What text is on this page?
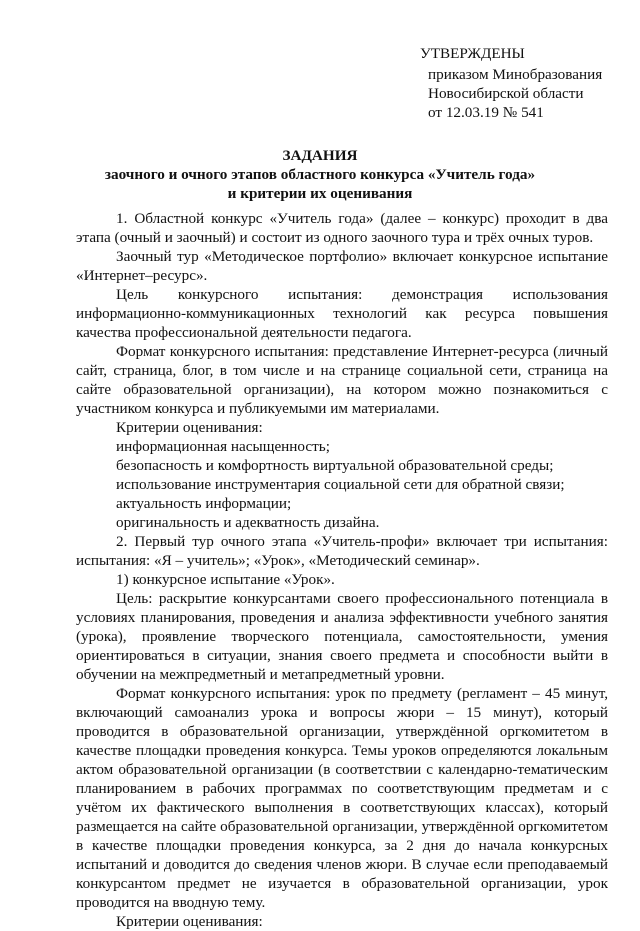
УТВЕРЖДЕНЫ
приказом Минобразования
Новосибирской области
от 12.03.19 № 541
ЗАДАНИЯ
заочного и очного этапов областного конкурса «Учитель года»
и критерии их оценивания
1. Областной конкурс «Учитель года» (далее – конкурс) проходит в два этапа (очный и заочный) и состоит из одного заочного тура и трёх очных туров.
Заочный тур «Методическое портфолио» включает конкурсное испытание «Интернет–ресурс».
Цель конкурсного испытания: демонстрация использования
информационно-коммуникационных технологий как ресурса повышения качества профессиональной деятельности педагога.
Формат конкурсного испытания: представление Интернет-ресурса (личный сайт, страница, блог, в том числе и на странице социальной сети, страница на сайте образовательной организации), на котором можно познакомиться с участником конкурса и публикуемыми им материалами.
Критерии оценивания:
информационная насыщенность;
безопасность и комфортность виртуальной образовательной среды;
использование инструментария социальной сети для обратной связи;
актуальность информации;
оригинальность и адекватность дизайна.
2. Первый тур очного этапа «Учитель-профи» включает три испытания: испытания: «Я – учитель»; «Урок», «Методический семинар».
1) конкурсное испытание «Урок».
Цель: раскрытие конкурсантами своего профессионального потенциала в условиях планирования, проведения и анализа эффективности учебного занятия (урока), проявление творческого потенциала, самостоятельности, умения ориентироваться в ситуации, знания своего предмета и способности выйти в обучении на межпредметный и метапредметный уровни.
Формат конкурсного испытания: урок по предмету (регламент – 45 минут, включающий самоанализ урока и вопросы жюри – 15 минут), который проводится в образовательной организации, утверждённой оргкомитетом в качестве площадки проведения конкурса. Темы уроков определяются локальным актом образовательной организации (в соответствии с календарно-тематическим планированием в рабочих программах по соответствующим предметам и с учётом их фактического выполнения в соответствующих классах), который размещается на сайте образовательной организации, утверждённой оргкомитетом в качестве площадки проведения конкурса, за 2 дня до начала конкурсных испытаний и доводится до сведения членов жюри. В случае если преподаваемый конкурсантом предмет не изучается в образовательной организации, урок проводится на вводную тему.
Критерии оценивания:
